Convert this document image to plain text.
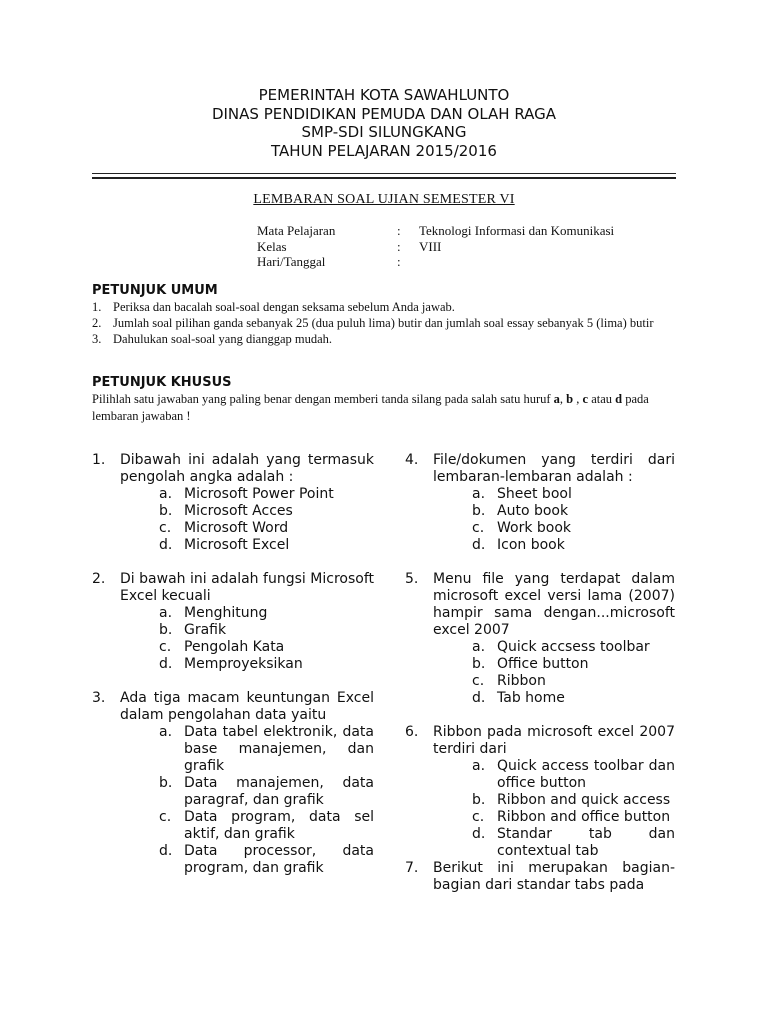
PEMERINTAH KOTA SAWAHLUNTO
DINAS PENDIDIKAN PEMUDA DAN OLAH RAGA
SMP-SDI SILUNGKANG
TAHUN PELAJARAN 2015/2016
LEMBARAN SOAL UJIAN SEMESTER VI
Mata Pelajaran	:	Teknologi Informasi dan Komunikasi
Kelas	:	VIII
Hari/Tanggal	:
PETUNJUK UMUM
1. Periksa dan bacalah soal-soal dengan seksama sebelum Anda jawab.
2. Jumlah soal pilihan ganda sebanyak 25 (dua puluh lima) butir dan jumlah soal essay sebanyak 5 (lima) butir
3. Dahulukan soal-soal yang dianggap mudah.
PETUNJUK KHUSUS
Pilihlah satu jawaban yang paling benar dengan memberi tanda silang pada salah satu huruf a, b , c atau d pada lembaran jawaban !
1.	Dibawah ini adalah yang termasuk pengolah angka adalah :
a. Microsoft Power Point
b. Microsoft Acces
c. Microsoft Word
d. Microsoft Excel
2.	Di bawah ini adalah fungsi Microsoft Excel kecuali
a. Menghitung
b. Grafik
c. Pengolah Kata
d. Memproyeksikan
3.	Ada tiga macam keuntungan Excel dalam pengolahan data yaitu
a. Data tabel elektronik, data base manajemen, dan grafik
b. Data manajemen, data paragraf, dan grafik
c. Data program, data sel aktif, dan grafik
d. Data processor, data program, dan grafik
4.	File/dokumen yang terdiri dari lembaran-lembaran adalah :
a. Sheet bool
b. Auto book
c. Work book
d. Icon book
5.	Menu file yang terdapat dalam microsoft excel versi lama (2007) hampir sama dengan...microsoft excel 2007
a. Quick accsess toolbar
b. Office button
c. Ribbon
d. Tab home
6.	Ribbon pada microsoft excel 2007 terdiri dari
a. Quick access toolbar dan office button
b. Ribbon and quick access
c. Ribbon and office button
d. Standar tab dan contextual tab
7.	Berikut ini merupakan bagian-bagian dari standar tabs pada
